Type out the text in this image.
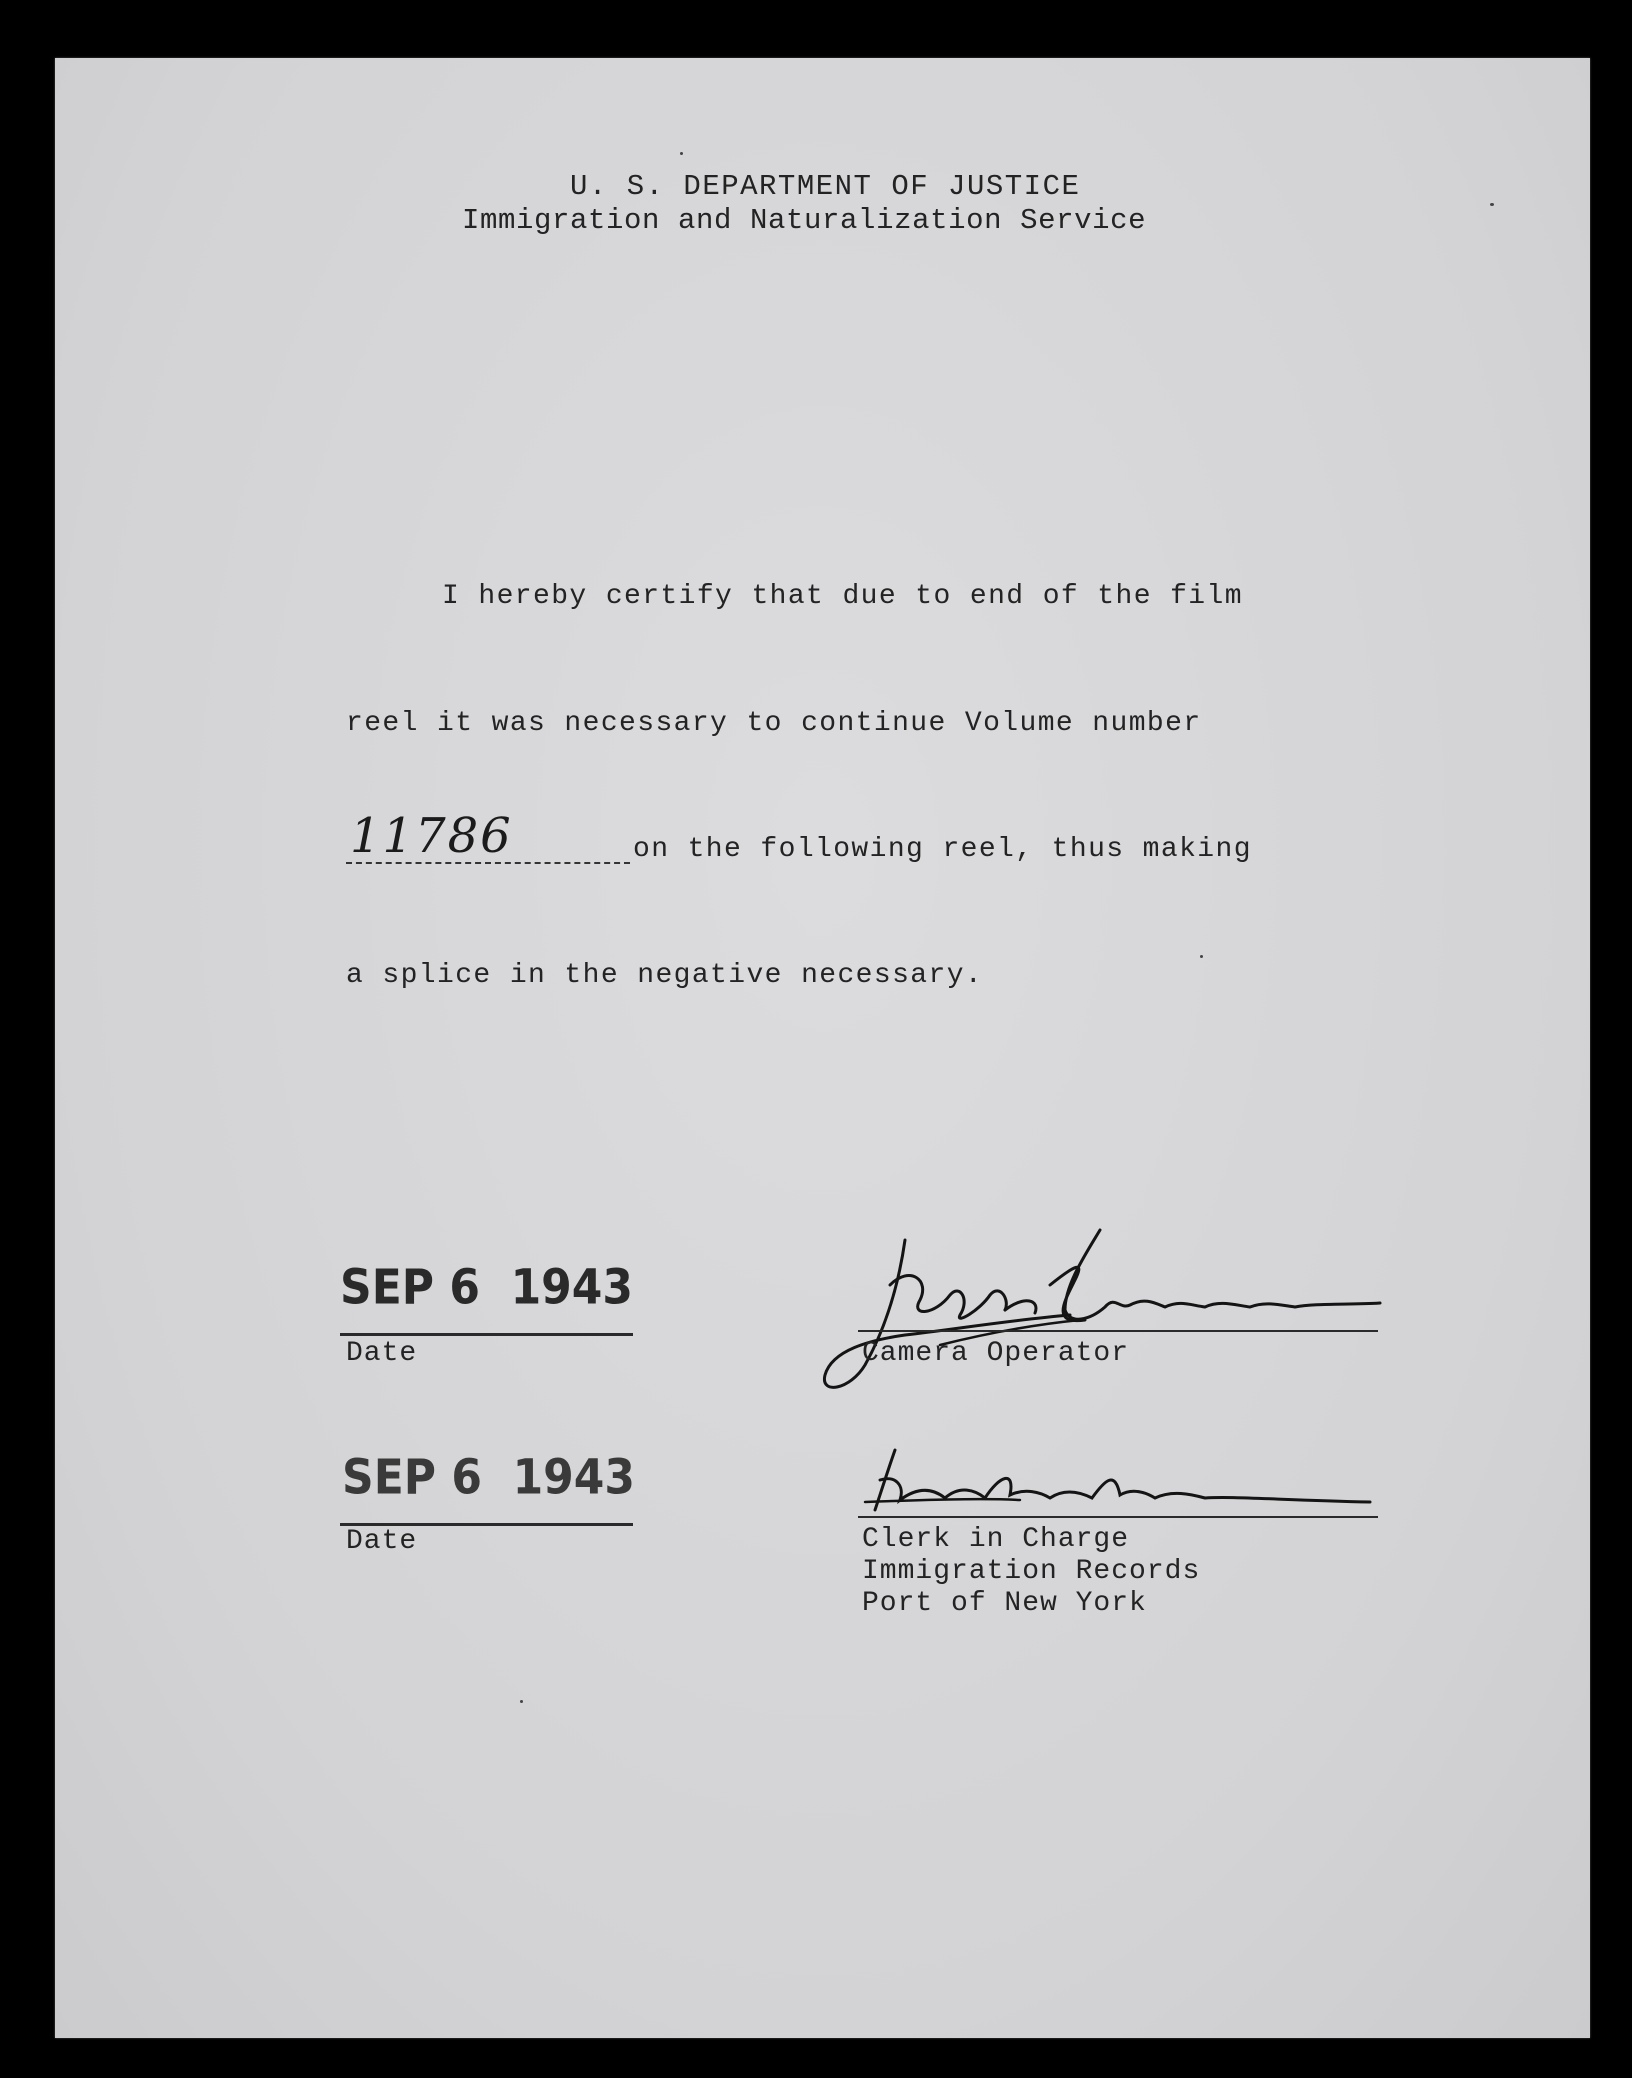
U. S. DEPARTMENT OF JUSTICE
Immigration and Naturalization Service
I hereby certify that due to end of the film
reel it was necessary to continue Volume number
11786	on the following reel, thus making
a splice in the negative necessary.
SEP 6  1943
Date	Camera Operator
SEP 6  1943
Date	Clerk in Charge
Immigration Records
Port of New York
